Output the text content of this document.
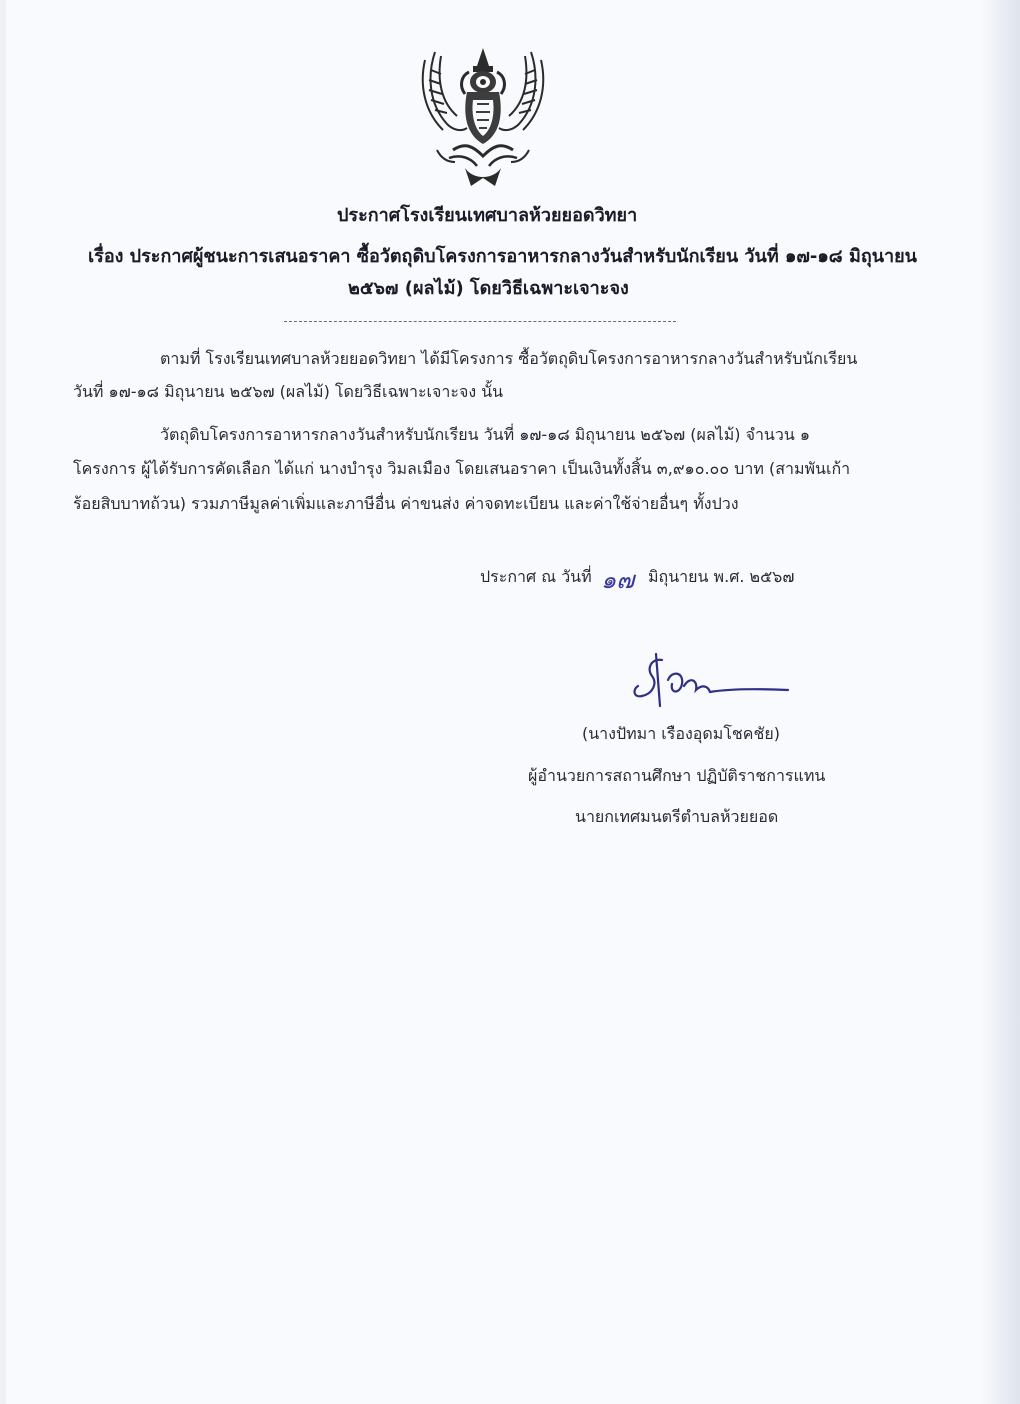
ประกาศโรงเรียนเทศบาลห้วยยอดวิทยา
เรื่อง ประกาศผู้ชนะการเสนอราคา ซื้อวัตถุดิบโครงการอาหารกลางวันสำหรับนักเรียน วันที่ ๑๗-๑๘ มิถุนายน
๒๕๖๗ (ผลไม้) โดยวิธีเฉพาะเจาะจง
ตามที่ โรงเรียนเทศบาลห้วยยอดวิทยา ได้มีโครงการ ซื้อวัตถุดิบโครงการอาหารกลางวันสำหรับนักเรียน
วันที่ ๑๗-๑๘ มิถุนายน ๒๕๖๗ (ผลไม้) โดยวิธีเฉพาะเจาะจง นั้น
วัตถุดิบโครงการอาหารกลางวันสำหรับนักเรียน วันที่ ๑๗-๑๘ มิถุนายน ๒๕๖๗ (ผลไม้) จำนวน ๑
โครงการ ผู้ได้รับการคัดเลือก ได้แก่ นางบำรุง วิมลเมือง โดยเสนอราคา เป็นเงินทั้งสิ้น ๓,๙๑๐.๐๐ บาท (สามพันเก้า
ร้อยสิบบาทถ้วน) รวมภาษีมูลค่าเพิ่มและภาษีอื่น ค่าขนส่ง ค่าจดทะเบียน และค่าใช้จ่ายอื่นๆ ทั้งปวง
ประกาศ ณ วันที่ ๑๗ มิถุนายน พ.ศ. ๒๕๖๗
(นางปัทมา เรืองอุดมโชคชัย)
ผู้อำนวยการสถานศึกษา ปฏิบัติราชการแทน
นายกเทศมนตรีตำบลห้วยยอด
